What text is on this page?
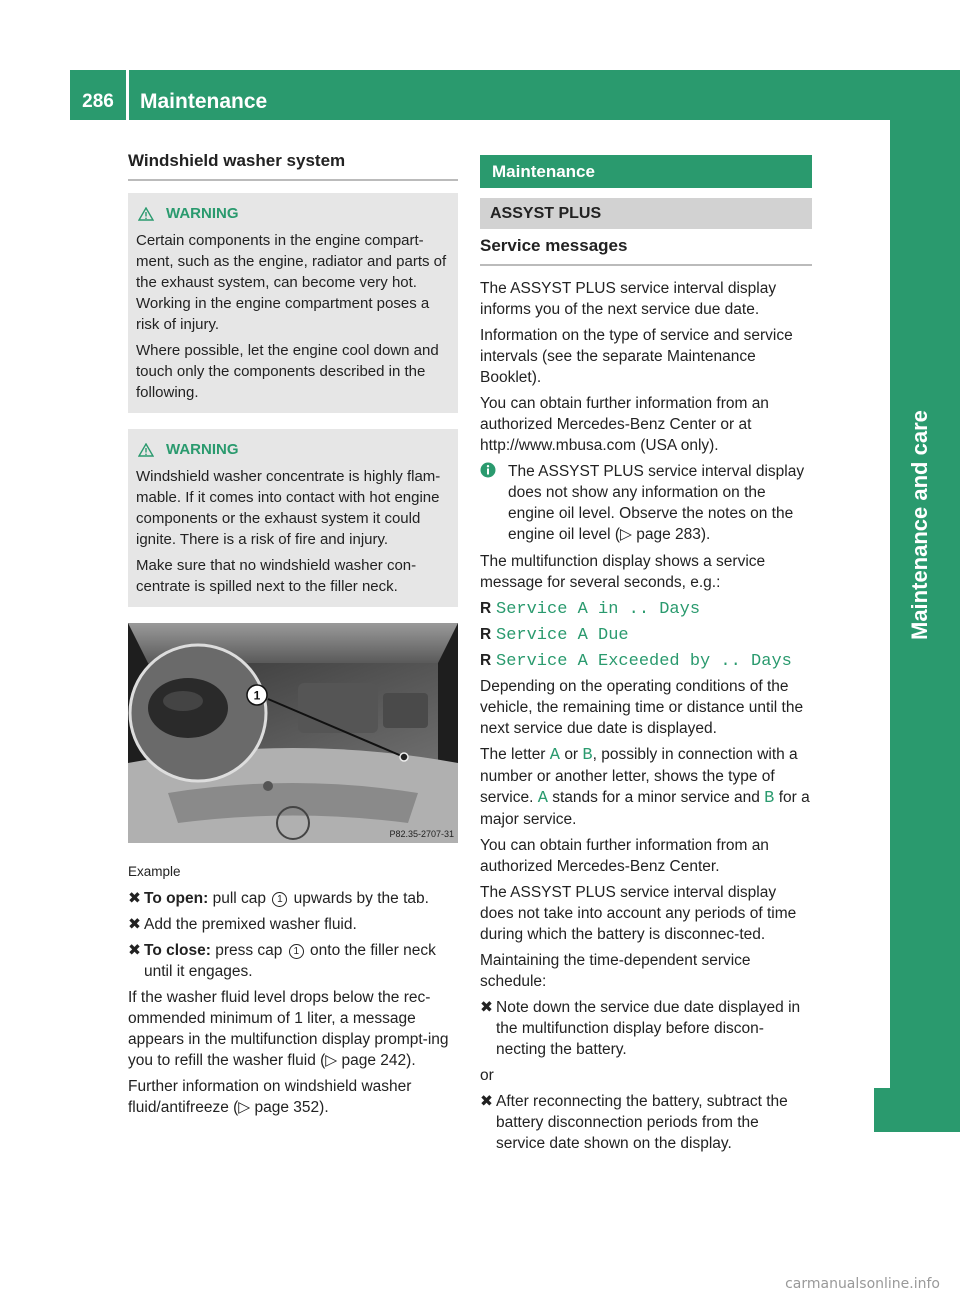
286	Maintenance
Maintenance and care
Windshield washer system
WARNING

Certain components in the engine compart-ment, such as the engine, radiator and parts of the exhaust system, can become very hot. Working in the engine compartment poses a risk of injury.

Where possible, let the engine cool down and touch only the components described in the following.

WARNING

Windshield washer concentrate is highly flam-mable. If it comes into contact with hot engine components or the exhaust system it could ignite. There is a risk of fire and injury.

Make sure that no windshield washer con-centrate is spilled next to the filler neck.

1
P82.35-2707-31
Example
✖ To open: pull cap 1 upwards by the tab.
✖ Add the premixed washer fluid.
✖ To close: press cap 1 onto the filler neck until it engages.

If the washer fluid level drops below the rec-ommended minimum of 1 liter, a message appears in the multifunction display prompt-ing you to refill the washer fluid (▷ page 242).

Further information on windshield washer fluid/antifreeze (▷ page 352).

Maintenance
ASSYST PLUS
Service messages

The ASSYST PLUS service interval display informs you of the next service due date.

Information on the type of service and service intervals (see the separate Maintenance Booklet).

You can obtain further information from an authorized Mercedes-Benz Center or at http://www.mbusa.com (USA only).

The ASSYST PLUS service interval display does not show any information on the engine oil level. Observe the notes on the engine oil level (▷ page 283).

The multifunction display shows a service message for several seconds, e.g.:

R Service A in .. Days
R Service A Due
R Service A Exceeded by .. Days

Depending on the operating conditions of the vehicle, the remaining time or distance until the next service due date is displayed.

The letter A or B, possibly in connection with a number or another letter, shows the type of service. A stands for a minor service and B for a major service.

You can obtain further information from an authorized Mercedes-Benz Center.

The ASSYST PLUS service interval display does not take into account any periods of time during which the battery is disconnec-ted.

Maintaining the time-dependent service schedule:

✖ Note down the service due date displayed in the multifunction display before discon-necting the battery.

or

✖ After reconnecting the battery, subtract the battery disconnection periods from the service date shown on the display.
carmanualsonline.info
